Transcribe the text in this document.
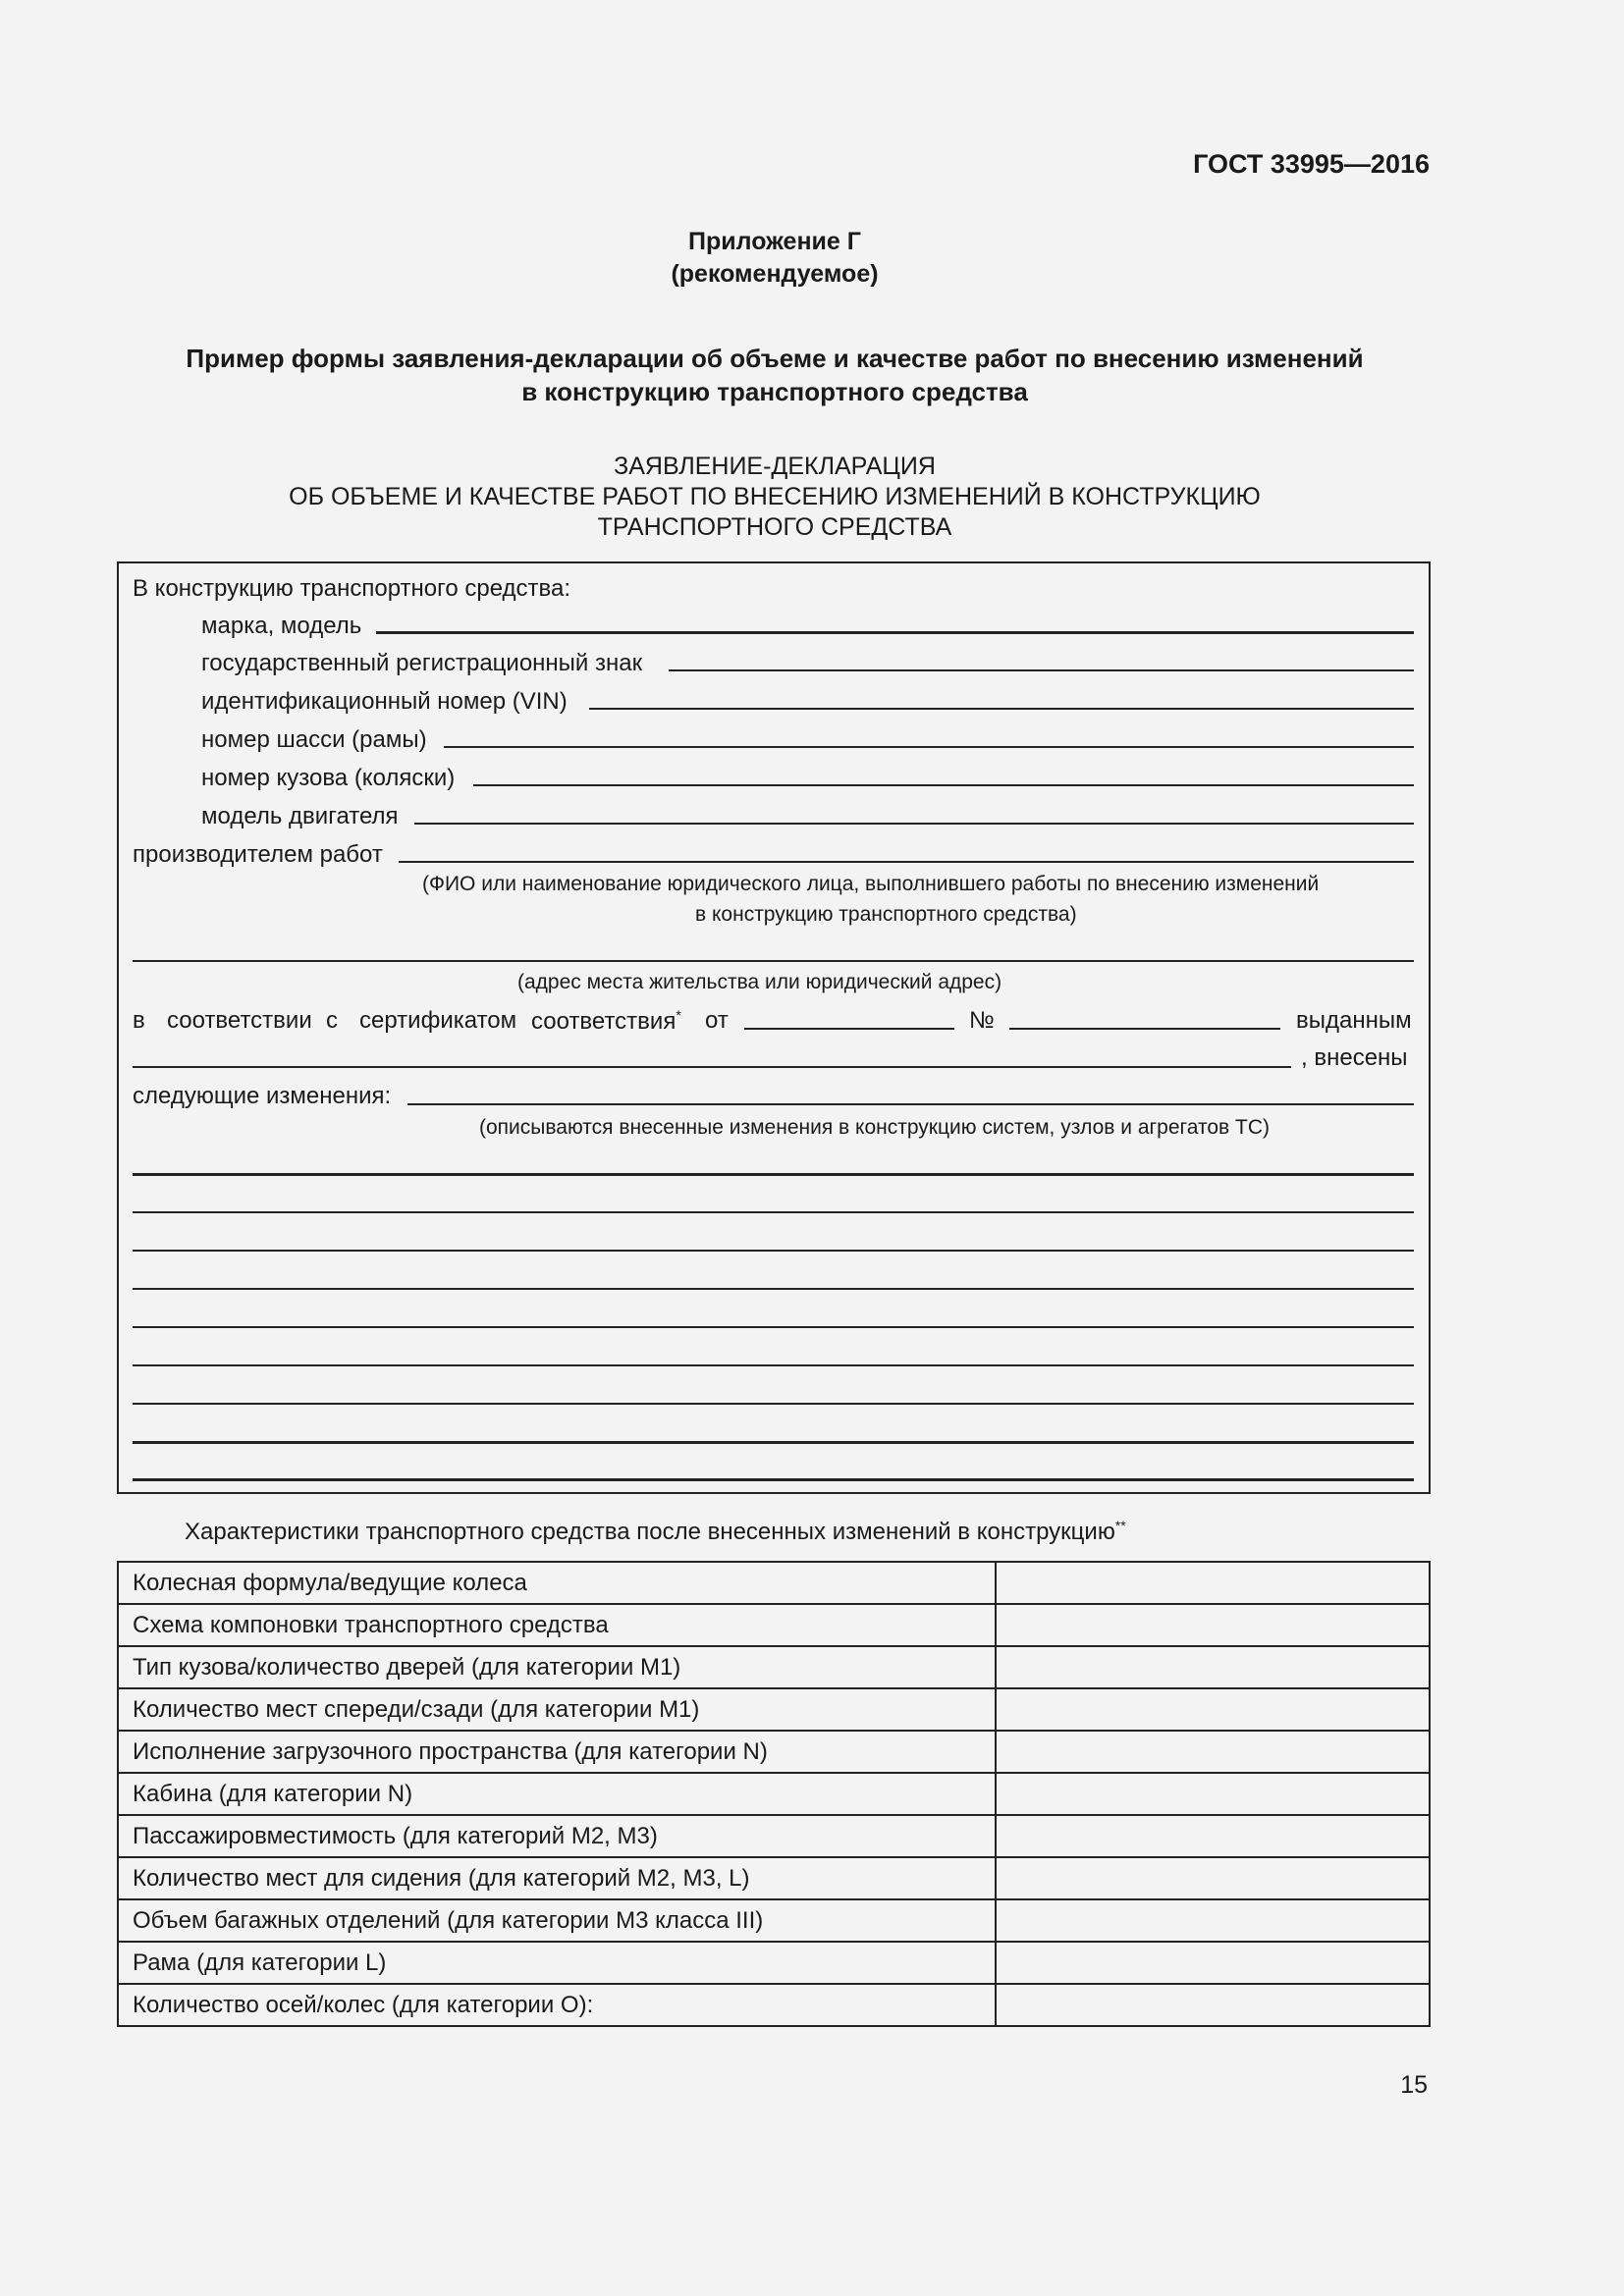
ГОСТ 33995—2016
Приложение Г
(рекомендуемое)
Пример формы заявления-декларации об объеме и качестве работ по внесению изменений
в конструкцию транспортного средства
ЗАЯВЛЕНИЕ-ДЕКЛАРАЦИЯ
ОБ ОБЪЕМЕ И КАЧЕСТВЕ РАБОТ ПО ВНЕСЕНИЮ ИЗМЕНЕНИЙ В КОНСТРУКЦИЮ
ТРАНСПОРТНОГО СРЕДСТВА
В конструкцию транспортного средства:
марка, модель
государственный регистрационный знак
идентификационный номер (VIN)
номер шасси (рамы)
номер кузова (коляски)
модель двигателя
производителем работ
(ФИО или наименование юридического лица, выполнившего работы по внесению изменений
в конструкцию транспортного средства)
(адрес места жительства или юридический адрес)
в соответствии с сертификатом соответствия* от	№	выданным
, внесены
следующие изменения:
(описываются внесенные изменения в конструкцию систем, узлов и агрегатов ТС)
Характеристики транспортного средства после внесенных изменений в конструкцию**
Колесная формула/ведущие колеса	
Схема компоновки транспортного средства	
Тип кузова/количество дверей (для категории М1)	
Количество мест спереди/сзади (для категории М1)	
Исполнение загрузочного пространства (для категории N)	
Кабина (для категории N)	
Пассажировместимость (для категорий М2, М3)	
Количество мест для сидения (для категорий М2, М3, L)	
Объем багажных отделений (для категории М3 класса III)	
Рама (для категории L)	
Количество осей/колес (для категории О):	
15
